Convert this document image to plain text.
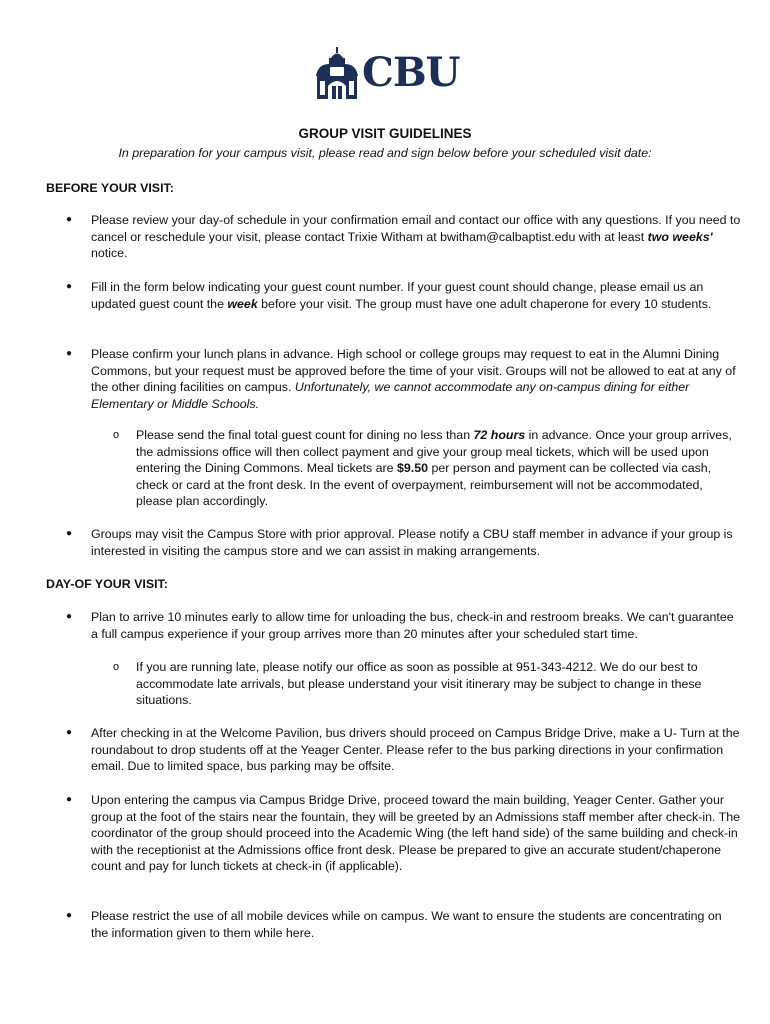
CBU
GROUP VISIT GUIDELINES
In preparation for your campus visit, please read and sign below before your scheduled visit date:
BEFORE YOUR VISIT:
● Please review your day-of schedule in your confirmation email and contact our office with any questions. If you need to cancel or reschedule your visit, please contact Trixie Witham at bwitham@calbaptist.edu with at least two weeks' notice.
● Fill in the form below indicating your guest count number. If your guest count should change, please email us an updated guest count the week before your visit. The group must have one adult chaperone for every 10 students.
● Please confirm your lunch plans in advance. High school or college groups may request to eat in the Alumni Dining Commons, but your request must be approved before the time of your visit. Groups will not be allowed to eat at any of the other dining facilities on campus. Unfortunately, we cannot accommodate any on-campus dining for either Elementary or Middle Schools.
o Please send the final total guest count for dining no less than 72 hours in advance. Once your group arrives, the admissions office will then collect payment and give your group meal tickets, which will be used upon entering the Dining Commons. Meal tickets are $9.50 per person and payment can be collected via cash, check or card at the front desk. In the event of overpayment, reimbursement will not be accommodated, please plan accordingly.
● Groups may visit the Campus Store with prior approval. Please notify a CBU staff member in advance if your group is interested in visiting the campus store and we can assist in making arrangements.
DAY-OF YOUR VISIT:
● Plan to arrive 10 minutes early to allow time for unloading the bus, check-in and restroom breaks. We can't guarantee a full campus experience if your group arrives more than 20 minutes after your scheduled start time.
o If you are running late, please notify our office as soon as possible at 951-343-4212. We do our best to accommodate late arrivals, but please understand your visit itinerary may be subject to change in these situations.
● After checking in at the Welcome Pavilion, bus drivers should proceed on Campus Bridge Drive, make a U- Turn at the roundabout to drop students off at the Yeager Center. Please refer to the bus parking directions in your confirmation email. Due to limited space, bus parking may be offsite.
● Upon entering the campus via Campus Bridge Drive, proceed toward the main building, Yeager Center. Gather your group at the foot of the stairs near the fountain, they will be greeted by an Admissions staff member after check-in. The coordinator of the group should proceed into the Academic Wing (the left hand side) of the same building and check-in with the receptionist at the Admissions office front desk. Please be prepared to give an accurate student/chaperone count and pay for lunch tickets at check-in (if applicable).
● Please restrict the use of all mobile devices while on campus. We want to ensure the students are concentrating on the information given to them while here.
